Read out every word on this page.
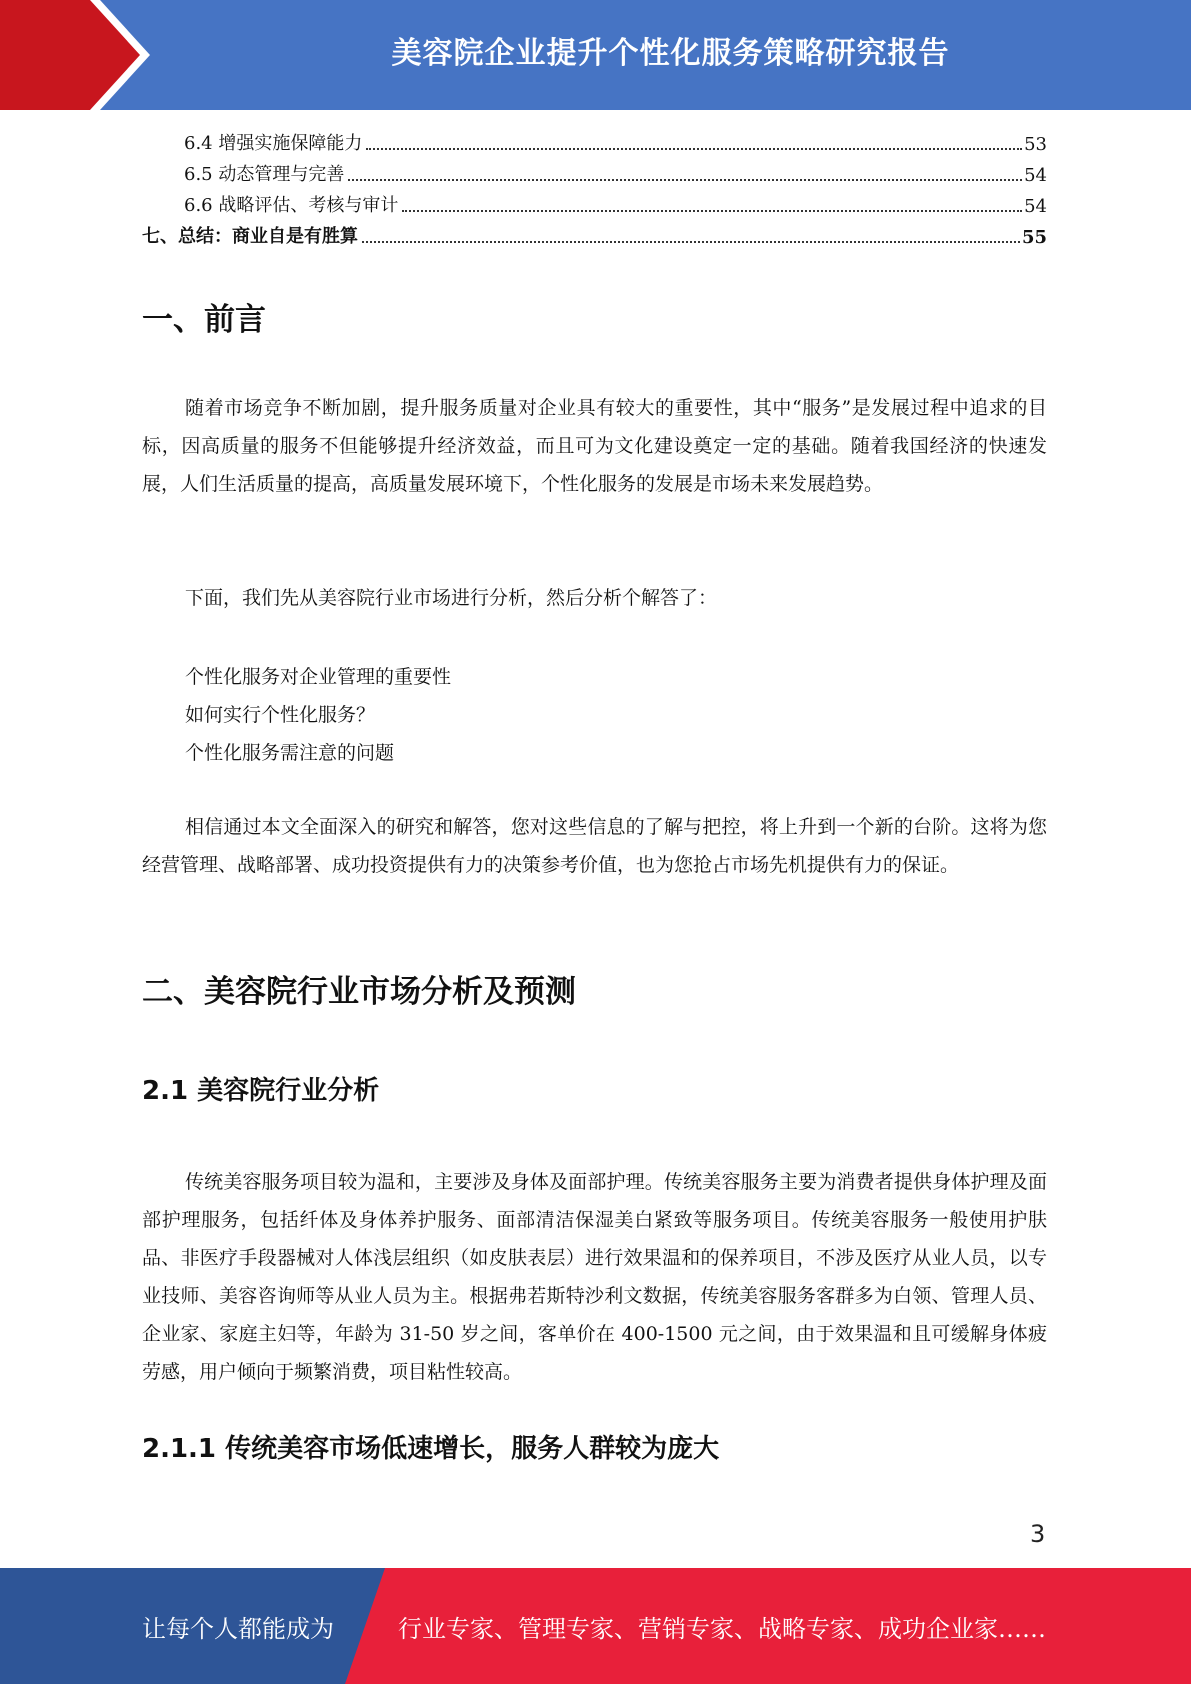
美容院企业提升个性化服务策略研究报告
6.4 增强实施保障能力	53
6.5 动态管理与完善	54
6.6 战略评估、考核与审计	54
七、总结：商业自是有胜算	55
一、前言

随着市场竞争不断加剧，提升服务质量对企业具有较大的重要性，其中“服务”是发展过程中追求的目标，因高质量的服务不但能够提升经济效益，而且可为文化建设奠定一定的基础。随着我国经济的快速发展，人们生活质量的提高，高质量发展环境下，个性化服务的发展是市场未来发展趋势。

下面，我们先从美容院行业市场进行分析，然后分析个解答了：

个性化服务对企业管理的重要性
如何实行个性化服务？
个性化服务需注意的问题

相信通过本文全面深入的研究和解答，您对这些信息的了解与把控，将上升到一个新的台阶。这将为您经营管理、战略部署、成功投资提供有力的决策参考价值，也为您抢占市场先机提供有力的保证。

二、美容院行业市场分析及预测
2.1 美容院行业分析

传统美容服务项目较为温和，主要涉及身体及面部护理。传统美容服务主要为消费者提供身体护理及面部护理服务，包括纤体及身体养护服务、面部清洁保湿美白紧致等服务项目。传统美容服务一般使用护肤品、非医疗手段器械对人体浅层组织（如皮肤表层）进行效果温和的保养项目，不涉及医疗从业人员，以专业技师、美容咨询师等从业人员为主。根据弗若斯特沙利文数据，传统美容服务客群多为白领、管理人员、企业家、家庭主妇等，年龄为 31-50 岁之间，客单价在 400-1500 元之间，由于效果温和且可缓解身体疲劳感，用户倾向于频繁消费，项目粘性较高。

2.1.1 传统美容市场低速增长，服务人群较为庞大
3
让每个人都能成为	行业专家、管理专家、营销专家、战略专家、成功企业家……
